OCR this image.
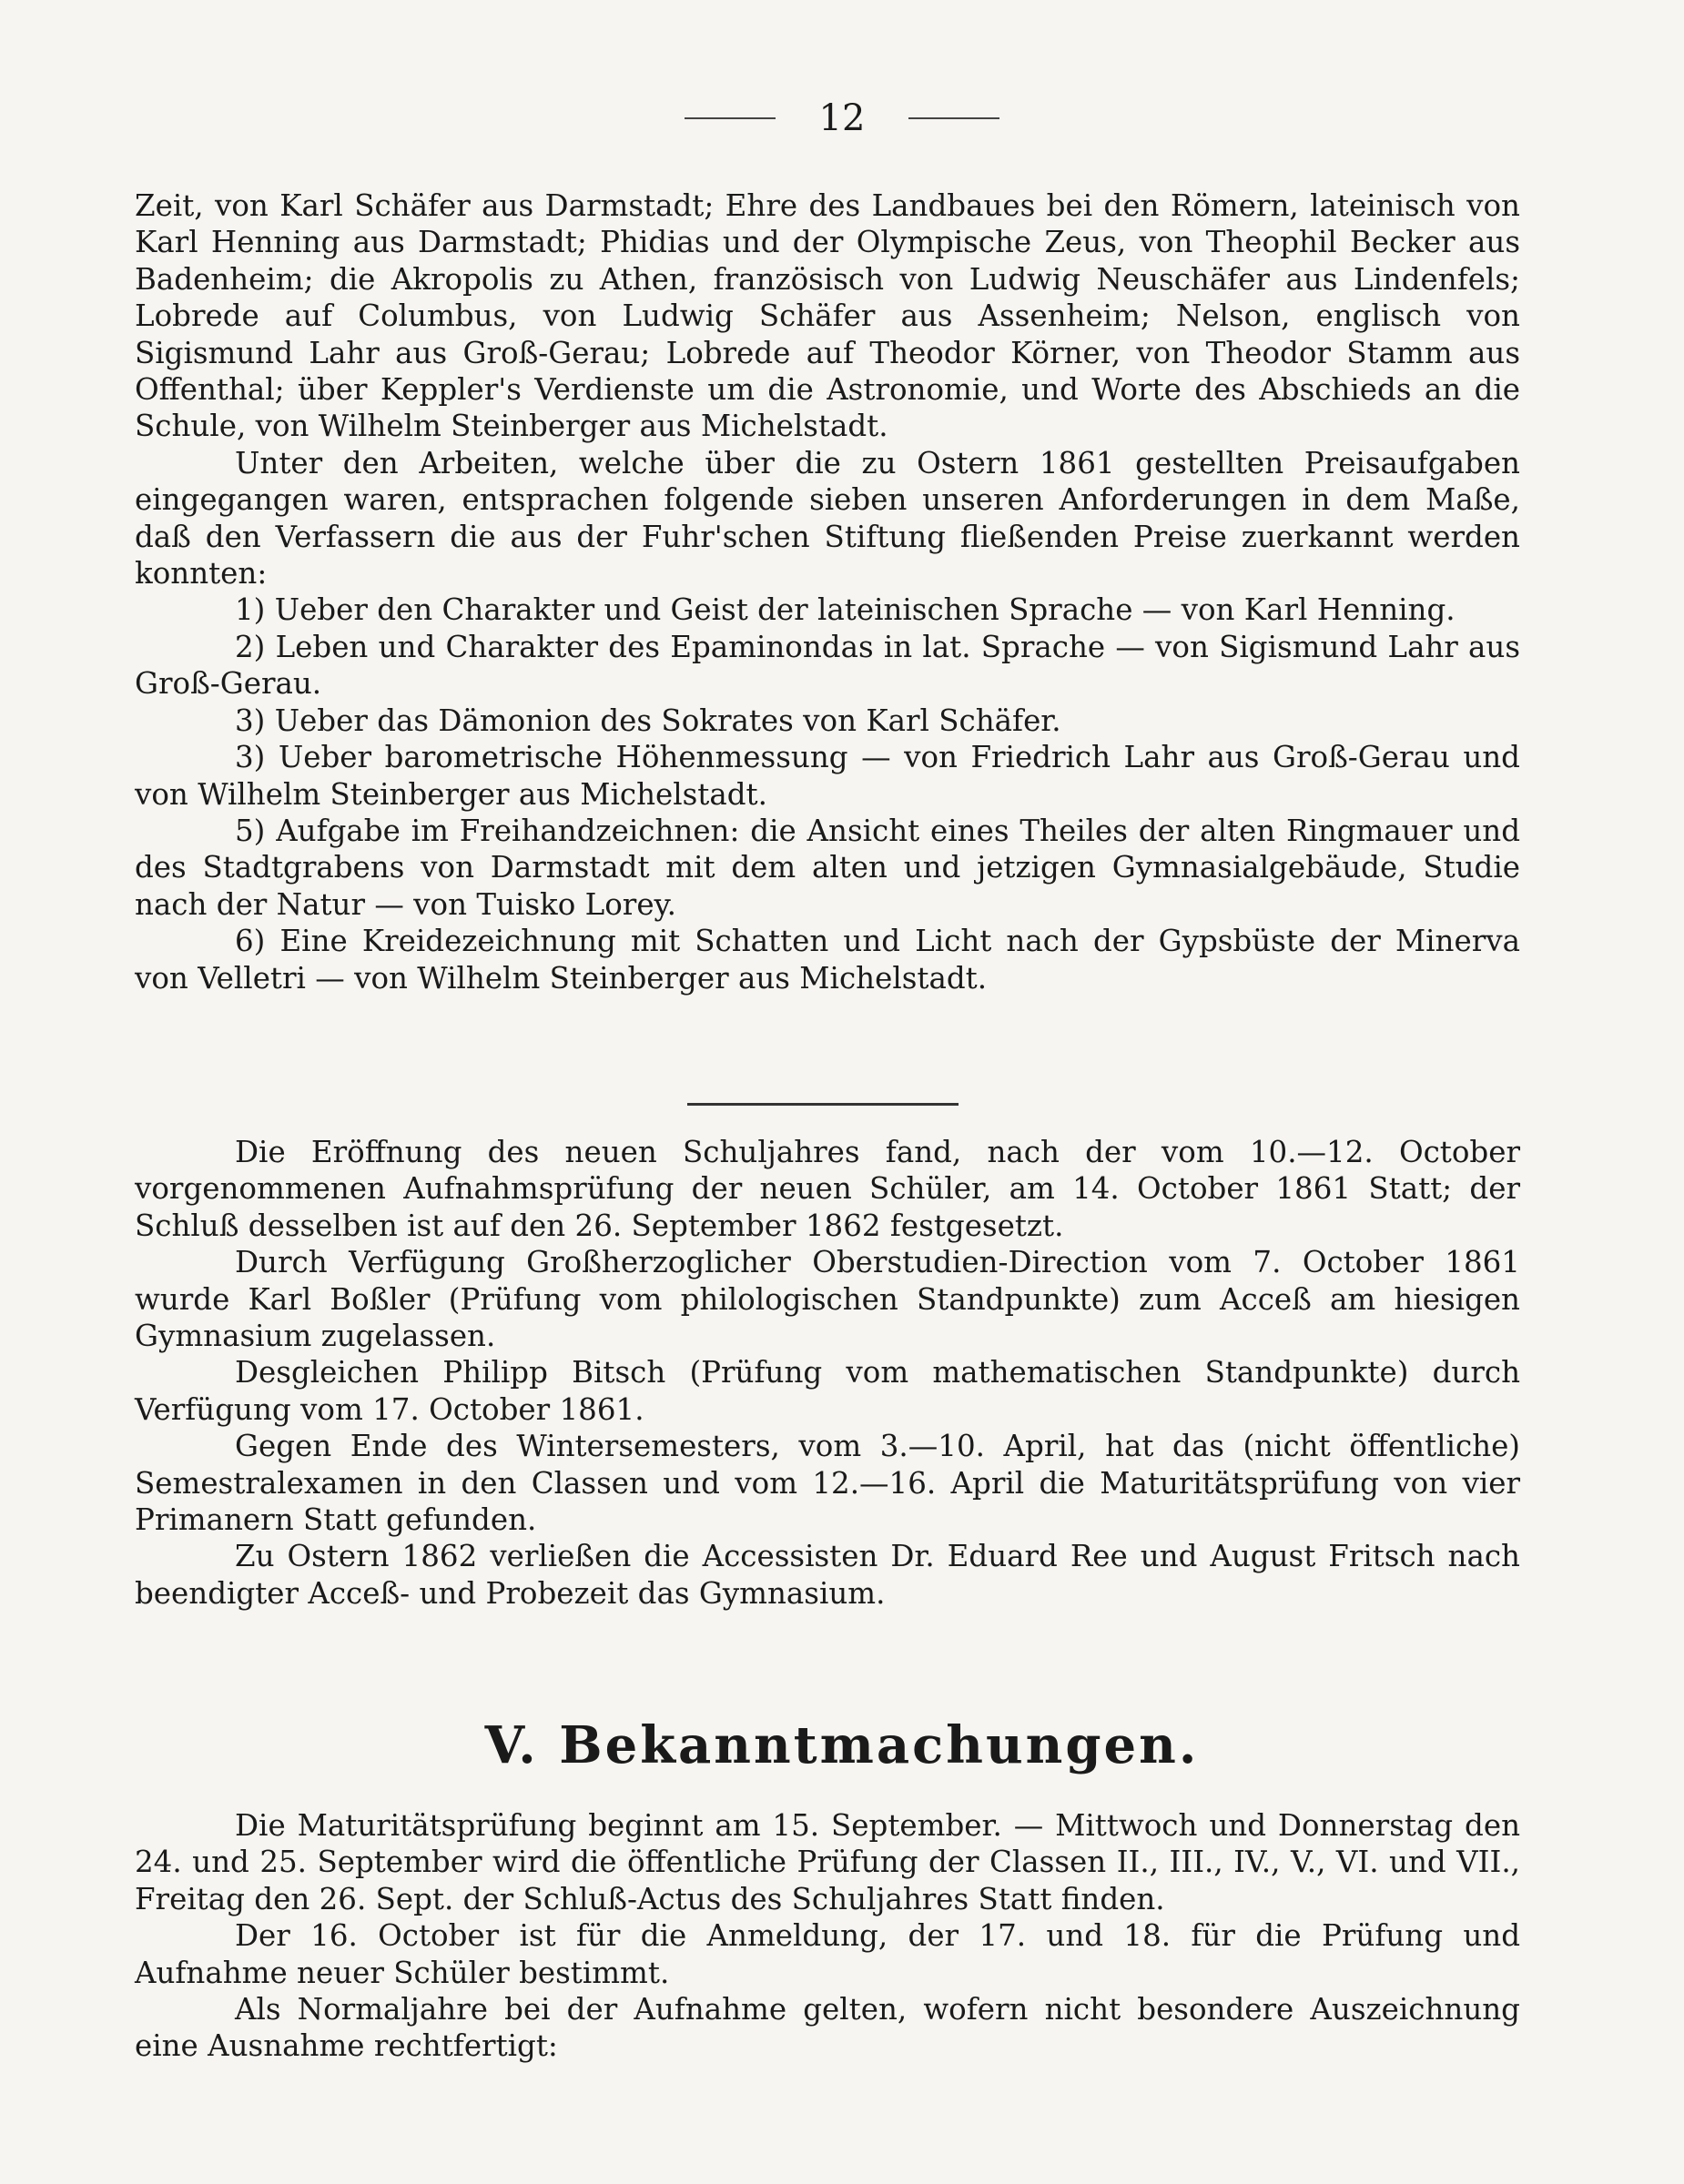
12

Zeit, von Karl Schäfer aus Darmstadt; Ehre des Landbaues bei den Römern, lateinisch von Karl Henning aus Darmstadt; Phidias und der Olympische Zeus, von Theophil Becker aus Badenheim; die Akropolis zu Athen, französisch von Ludwig Neuschäfer aus Lindenfels; Lobrede auf Columbus, von Ludwig Schäfer aus Assenheim; Nelson, englisch von Sigismund Lahr aus Groß-Gerau; Lobrede auf Theodor Körner, von Theodor Stamm aus Offenthal; über Keppler's Verdienste um die Astronomie, und Worte des Abschieds an die Schule, von Wilhelm Steinberger aus Michelstadt.

Unter den Arbeiten, welche über die zu Ostern 1861 gestellten Preisaufgaben eingegangen waren, entsprachen folgende sieben unseren Anforderungen in dem Maße, daß den Verfassern die aus der Fuhr'schen Stiftung fließenden Preise zuerkannt werden konnten:

1) Ueber den Charakter und Geist der lateinischen Sprache — von Karl Henning.

2) Leben und Charakter des Epaminondas in lat. Sprache — von Sigismund Lahr aus Groß-Gerau.

3) Ueber das Dämonion des Sokrates von Karl Schäfer.

3) Ueber barometrische Höhenmessung — von Friedrich Lahr aus Groß-Gerau und von Wilhelm Steinberger aus Michelstadt.

5) Aufgabe im Freihandzeichnen: die Ansicht eines Theiles der alten Ringmauer und des Stadtgrabens von Darmstadt mit dem alten und jetzigen Gymnasialgebäude, Studie nach der Natur — von Tuisko Lorey.

6) Eine Kreidezeichnung mit Schatten und Licht nach der Gypsbüste der Minerva von Velletri — von Wilhelm Steinberger aus Michelstadt.

Die Eröffnung des neuen Schuljahres fand, nach der vom 10.—12. October vorgenommenen Aufnahmsprüfung der neuen Schüler, am 14. October 1861 Statt; der Schluß desselben ist auf den 26. September 1862 festgesetzt.

Durch Verfügung Großherzoglicher Oberstudien-Direction vom 7. October 1861 wurde Karl Boßler (Prüfung vom philologischen Standpunkte) zum Acceß am hiesigen Gymnasium zugelassen.

Desgleichen Philipp Bitsch (Prüfung vom mathematischen Standpunkte) durch Verfügung vom 17. October 1861.

Gegen Ende des Wintersemesters, vom 3.—10. April, hat das (nicht öffentliche) Semestralexamen in den Classen und vom 12.—16. April die Maturitätsprüfung von vier Primanern Statt gefunden.

Zu Ostern 1862 verließen die Accessisten Dr. Eduard Ree und August Fritsch nach beendigter Acceß- und Probezeit das Gymnasium.

V. Bekanntmachungen.

Die Maturitätsprüfung beginnt am 15. September. — Mittwoch und Donnerstag den 24. und 25. September wird die öffentliche Prüfung der Classen II., III., IV., V., VI. und VII., Freitag den 26. Sept. der Schluß-Actus des Schuljahres Statt finden.

Der 16. October ist für die Anmeldung, der 17. und 18. für die Prüfung und Aufnahme neuer Schüler bestimmt.

Als Normaljahre bei der Aufnahme gelten, wofern nicht besondere Auszeichnung eine Ausnahme rechtfertigt:
